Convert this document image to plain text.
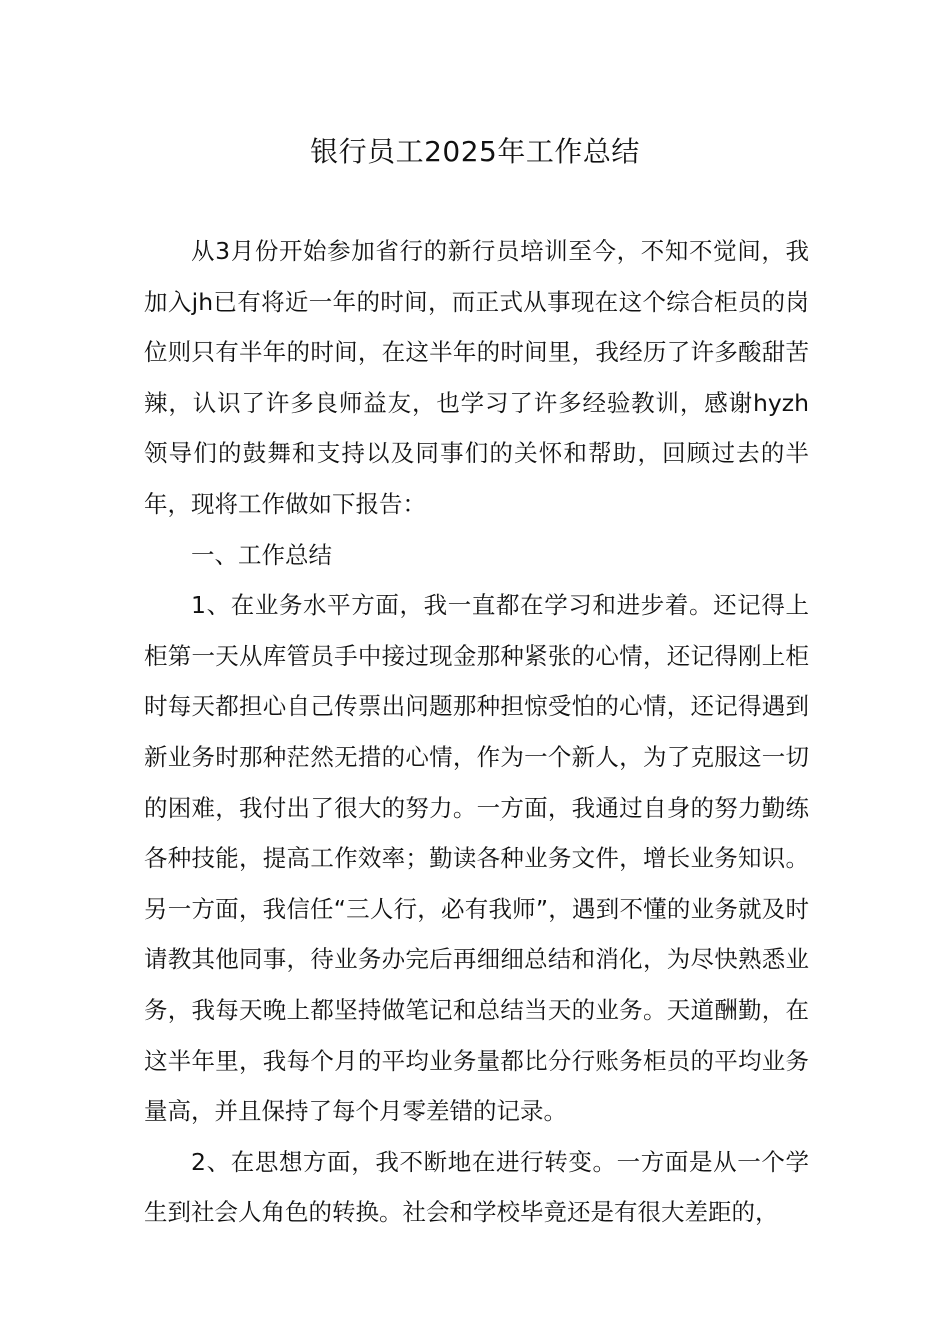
银行员工2025年工作总结

从3月份开始参加省行的新行员培训至今，不知不觉间，我加入jh已有将近一年的时间，而正式从事现在这个综合柜员的岗位则只有半年的时间，在这半年的时间里，我经历了许多酸甜苦辣，认识了许多良师益友，也学习了许多经验教训，感谢hyzh领导们的鼓舞和支持以及同事们的关怀和帮助，回顾过去的半年，现将工作做如下报告：

一、工作总结

1、在业务水平方面，我一直都在学习和进步着。还记得上柜第一天从库管员手中接过现金那种紧张的心情，还记得刚上柜时每天都担心自己传票出问题那种担惊受怕的心情，还记得遇到新业务时那种茫然无措的心情，作为一个新人，为了克服这一切的困难，我付出了很大的努力。一方面，我通过自身的努力勤练各种技能，提高工作效率；勤读各种业务文件，增长业务知识。另一方面，我信任“三人行，必有我师”，遇到不懂的业务就及时请教其他同事，待业务办完后再细细总结和消化，为尽快熟悉业务，我每天晚上都坚持做笔记和总结当天的业务。天道酬勤，在这半年里，我每个月的平均业务量都比分行账务柜员的平均业务量高，并且保持了每个月零差错的记录。

2、在思想方面，我不断地在进行转变。一方面是从一个学生到社会人角色的转换。社会和学校毕竟还是有很大差距的，
